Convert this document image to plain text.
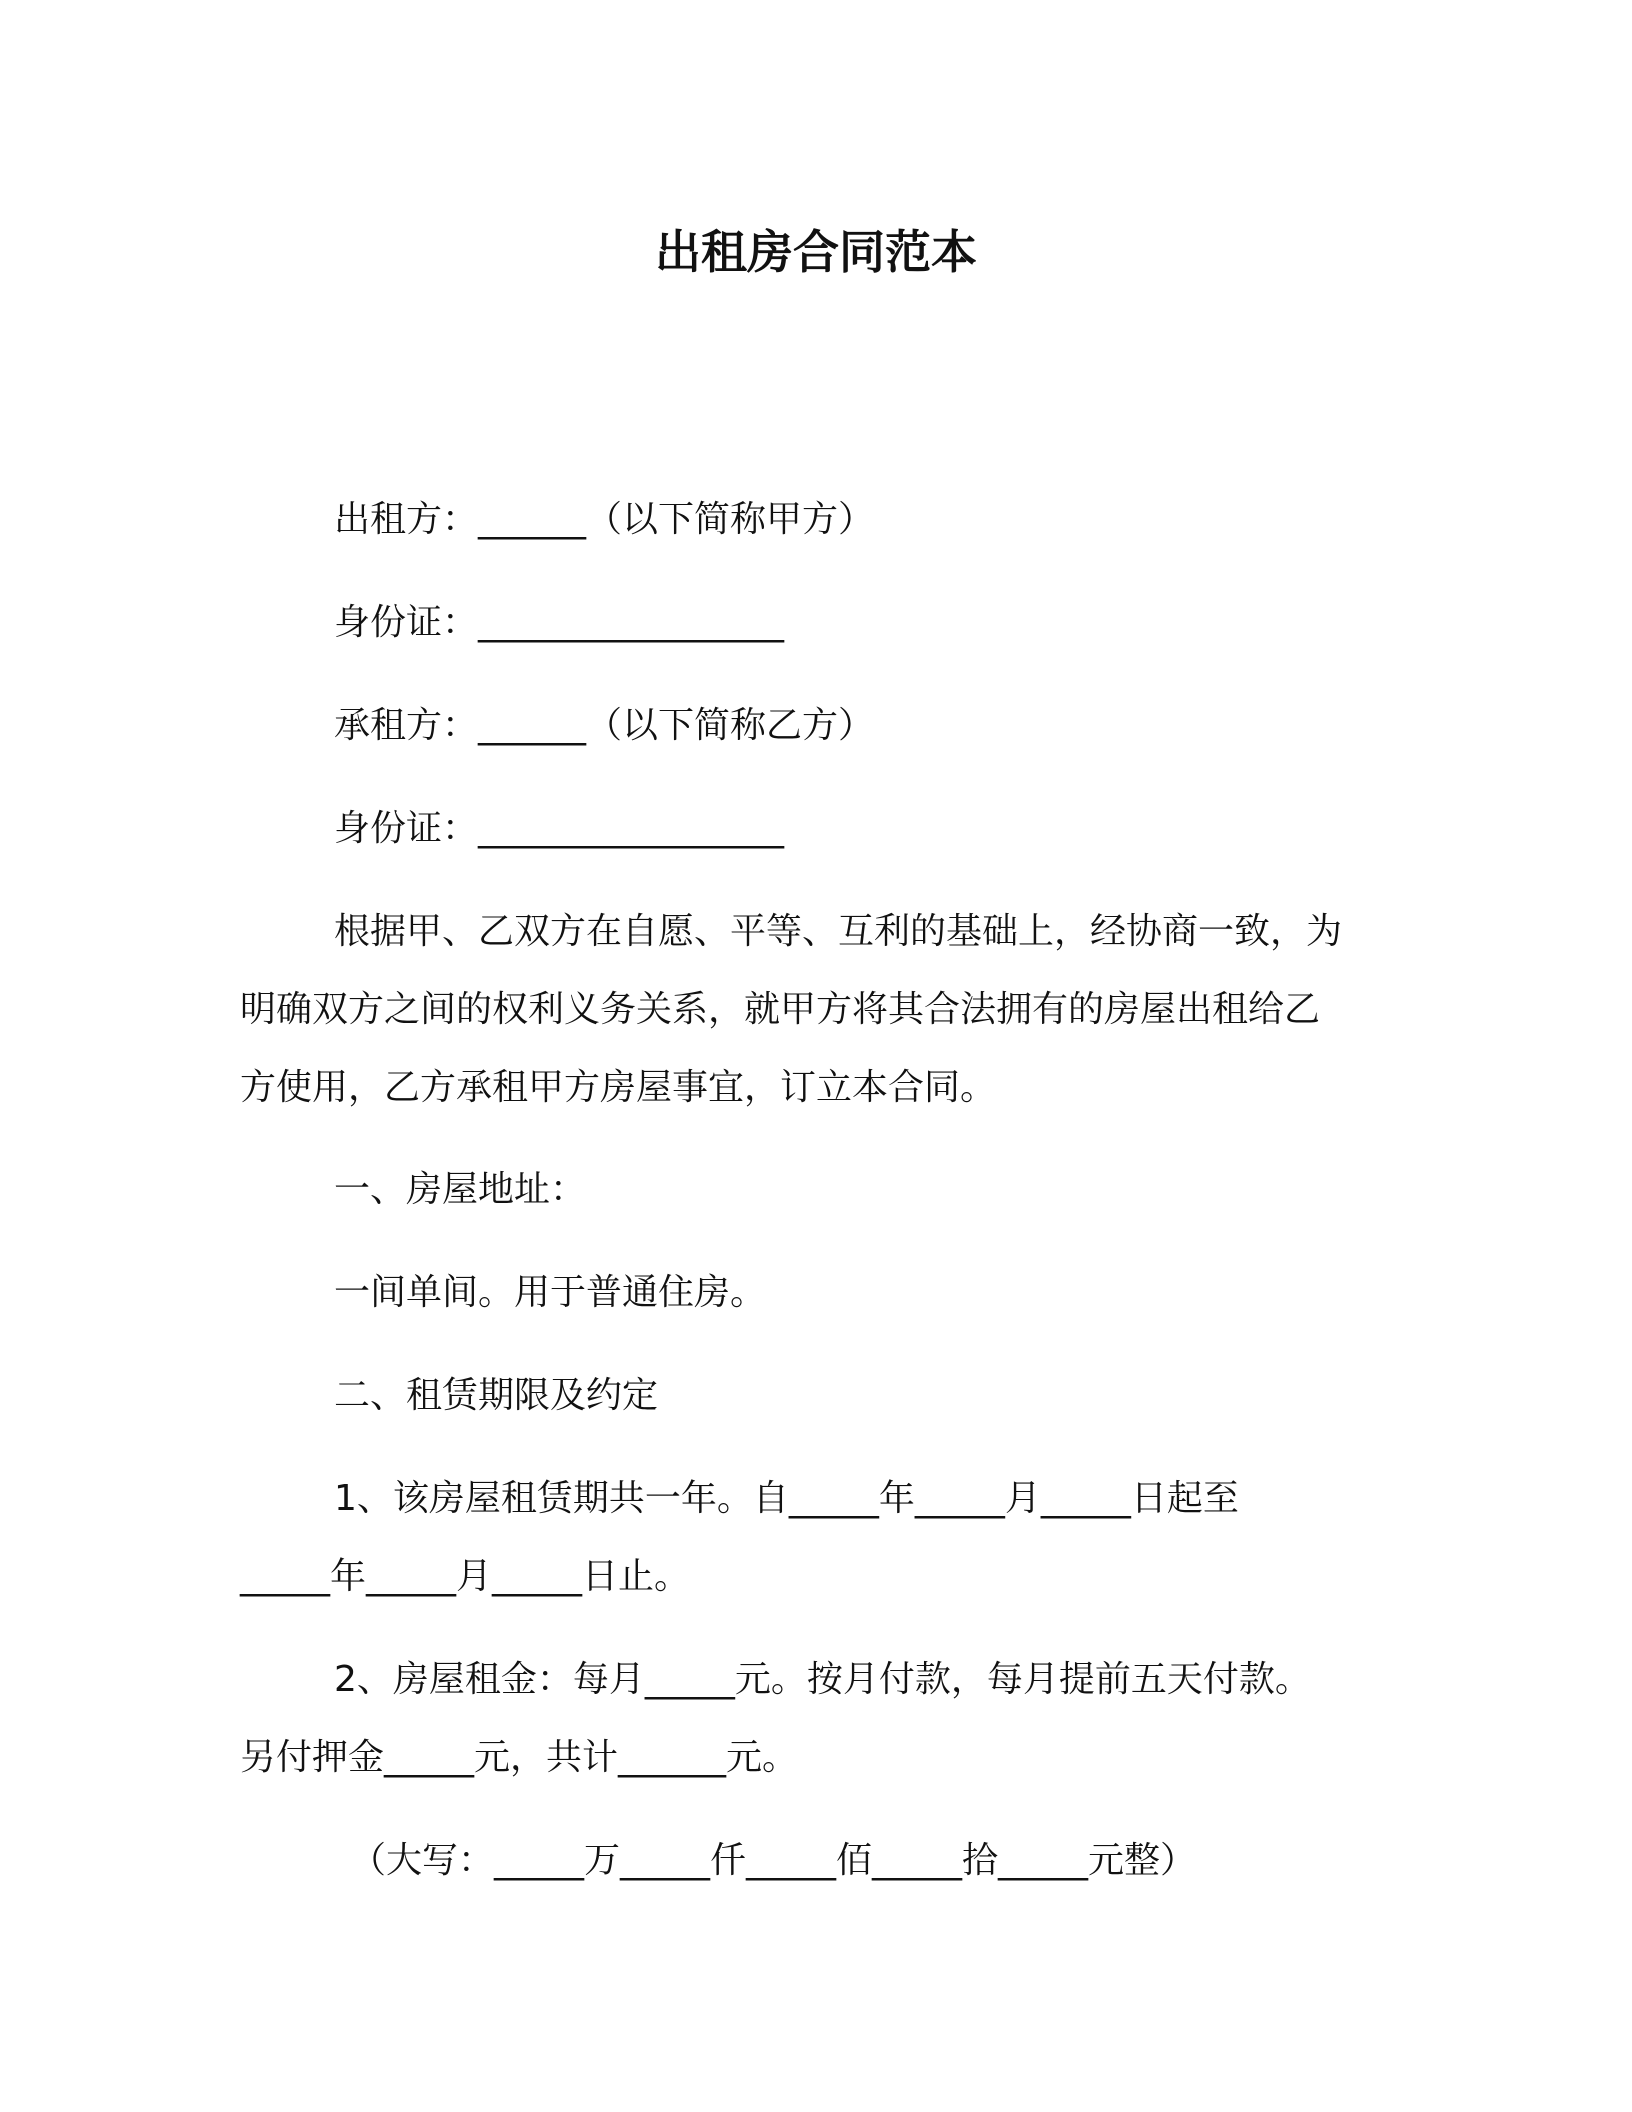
出租房合同范本
出租方：______（以下简称甲方）
身份证：_________________
承租方：______（以下简称乙方）
身份证：_________________
根据甲、乙双方在自愿、平等、互利的基础上，经协商一致，为
明确双方之间的权利义务关系，就甲方将其合法拥有的房屋出租给乙
方使用，乙方承租甲方房屋事宜，订立本合同。
一、房屋地址：
一间单间。用于普通住房。
二、租赁期限及约定
1、该房屋租赁期共一年。自_____年_____月_____日起至
_____年_____月_____日止。
2、房屋租金：每月_____元。按月付款，每月提前五天付款。
另付押金_____元，共计______元。
（大写：_____万_____仟_____佰_____拾_____元整）
